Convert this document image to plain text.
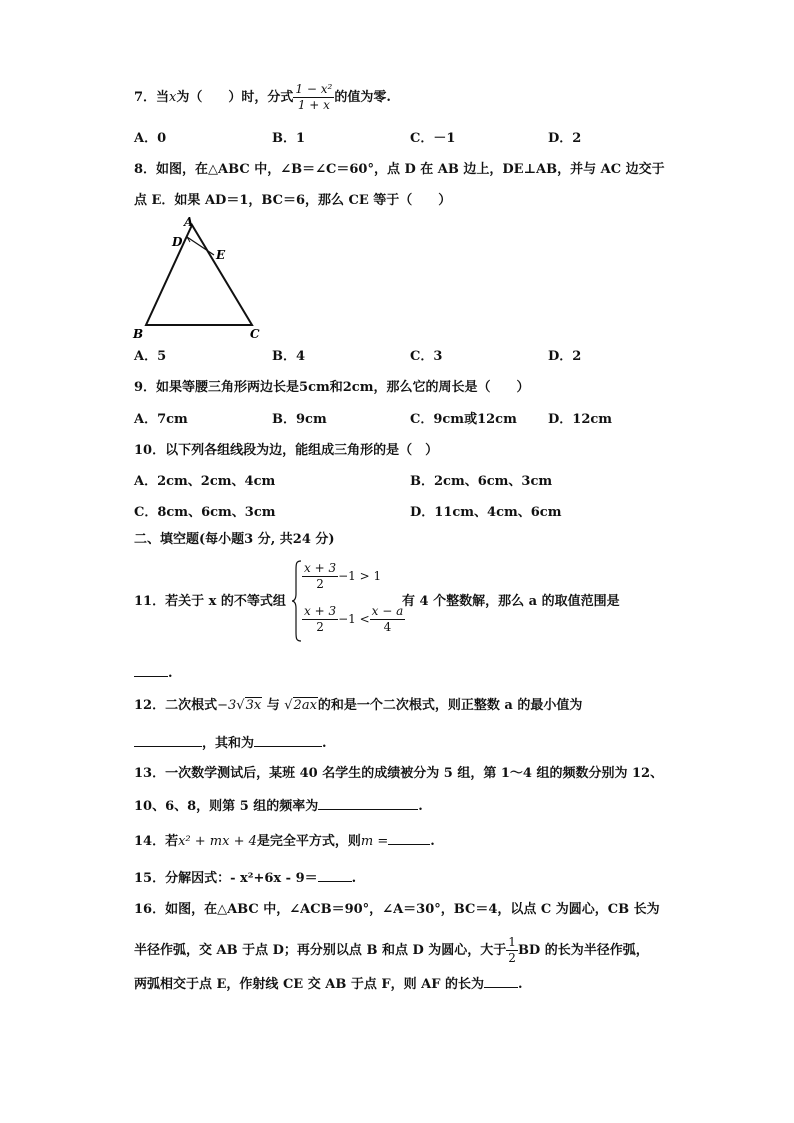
7．当x为（　　）时，分式 $\frac{\text{1 − x²}}{1 + x}$ 的值为零.
A．0	B．1	C．－1	D．2
8．如图，在△ABC 中，∠B＝∠C＝60°，点 D 在 AB 边上，DE⊥AB，并与 AC 边交于
点 E．如果 AD＝1，BC＝6，那么 CE 等于（　　）
A
D
E
B	C
A．5	B．4	C．3	D．2
9．如果等腰三角形两边长是5cm和2cm，那么它的周长是（　　）
A．7cm	B．9cm	C．9cm或12cm D．12cm
10．以下列各组线段为边，能组成三角形的是（　）
A．2cm、2cm、4cm	B．2cm、6cm、3cm
C．8cm、6cm、3cm	D．11cm、4cm、6cm
二、填空题(每小题3 分, 共24 分)
11．若关于 x 的不等式组
$\frac{x + 3}{2} -1 > 1$
$\frac{x + 3}{2} -1 < \frac{x - a}{4}$
有 4 个整数解，那么 a 的取值范围是
.
12．二次根式−3√3x 与 √2ax的和是一个二次根式，则正整数 a 的最小值为
，其和为	.
13．一次数学测试后，某班 40 名学生的成绩被分为 5 组，第 1～4 组的频数分别为 12、
10、6、8，则第 5 组的频率为	.
14．若x² + mx + 4是完全平方式，则m =	.
15．分解因式：- x²+6x - 9＝	.
16．如图，在△ABC 中，∠ACB＝90°，∠A＝30°，BC＝4，以点 C 为圆心，CB 长为
半径作弧，交 AB 于点 D；再分别以点 B 和点 D 为圆心，大于 $\frac{1}{2}$ BD 的长为半径作弧，
两弧相交于点 E，作射线 CE 交 AB 于点 F，则 AF 的长为	.
